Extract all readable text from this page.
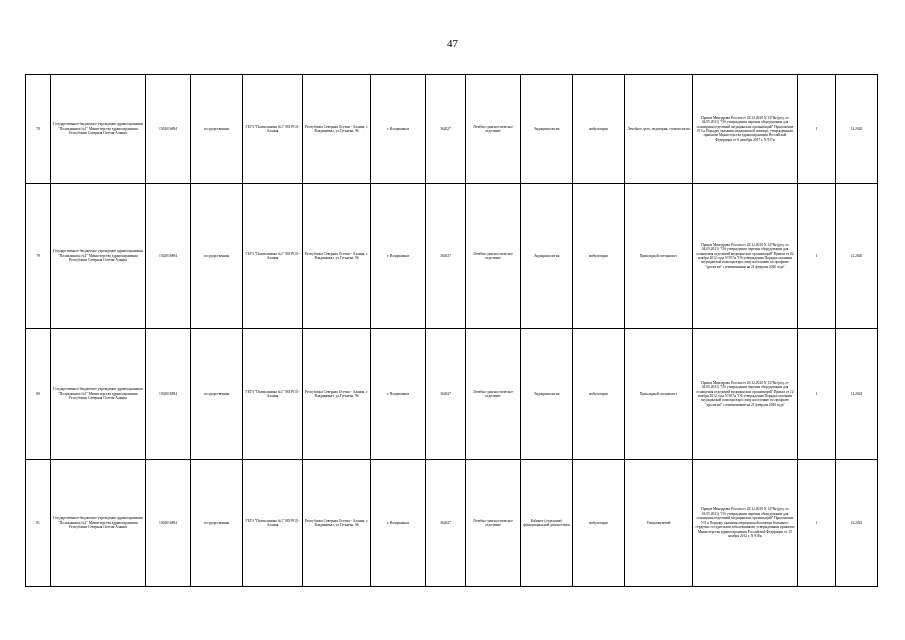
47
78	Государственное бюджетное учреждение здравоохранения "Поликлиника №1" Министерства здравоохранения Республики Северная Осетия-Алания	1502016894	государственная	ГБУЗ "Поликлиника №1" МЗ РСО-Алания	Республика Северная Осетия - Алания, г. Владикавказ, ул.Гугкаева, 96	г. Владикавказ	362027	Лечебно-диагностическое отделение	Эндокринология	амбулаторно	Лечебное дело, педиатрия, стоматология	Приказ Минздрава России от 26.12.2020 N 1378н (ред. от 04.05.2021) "Об утверждении перечня оборудования для оснащения отделений медицинских организаций" Приложение N 3 к Порядку оказания медицинской помощи, утвержденным приказом Министерства здравоохранения Российской Федерации от 6 декабря 2017 г. N 957н	1	12.2020
79	Государственное бюджетное учреждение здравоохранения "Поликлиника №1" Министерства здравоохранения Республики Северная Осетия-Алания	1502016894	государственная	ГБУЗ "Поликлиника №1" МЗ РСО-Алания	Республика Северная Осетия - Алания, г. Владикавказ, ул.Гугкаева, 96	г. Владикавказ	362027	Лечебно-диагностическое отделение	Эндокринология	амбулаторно	Прикладной специалист	Приказ Минздрава России от 26.12.2020 N 1378н (ред. от 04.05.2021) "Об утверждении перечня оборудования для оснащения отделений медицинских организаций" Приказ от 02 ноября 2012 года N 957н "Об утверждении Порядка оказания медицинской помощи взрослому населению по профилю "урология" с изменениями на 21 февраля 2020 года"	1	12.2020
80	Государственное бюджетное учреждение здравоохранения "Поликлиника №1" Министерства здравоохранения Республики Северная Осетия-Алания	1502016894	государственная	ГБУЗ "Поликлиника №1" МЗ РСО-Алания	Республика Северная Осетия - Алания, г. Владикавказ, ул.Гугкаева, 96	г. Владикавказ	362027	Лечебно-диагностическое отделение	Эндокринология	амбулаторно	Прикладной специалист	Приказ Минздрава России от 26.12.2020 N 1378н (ред. от 04.05.2021) "Об утверждении перечня оборудования для оснащения отделений медицинских организаций" Приказ от 12 ноября 2012 года N 907н "Об утверждении Порядка оказания медицинской помощи взрослому населению по профилю "урология" с изменениями на 21 февраля 2020 года"	1	12.2023
81	Государственное бюджетное учреждение здравоохранения "Поликлиника №1" Министерства здравоохранения Республики Северная Осетия-Алания	1502016894	государственная	ГБУЗ "Поликлиника №1" МЗ РСО-Алания	Республика Северная Осетия - Алания, г. Владикавказ, ул.Гугкаева, 96	г. Владикавказ	362027	Лечебно-диагностическое отделение	Кабинет (отделение) функциональной диагностики	амбулаторно	Ультразвуковой	Приказ Минздрава России от 26.12.2020 N 1378н (ред. от 04.05.2021) "Об утверждении перечня оборудования для оснащения отделений медицинских организаций" Приложение N 8 к Порядку оказания медицинской помощи больным с сердечно-сосудистыми заболеваниями, утвержденным приказом Министерства здравоохранения Российской Федерации от 15 ноября 2012 г. N 918н	1	12.2023
